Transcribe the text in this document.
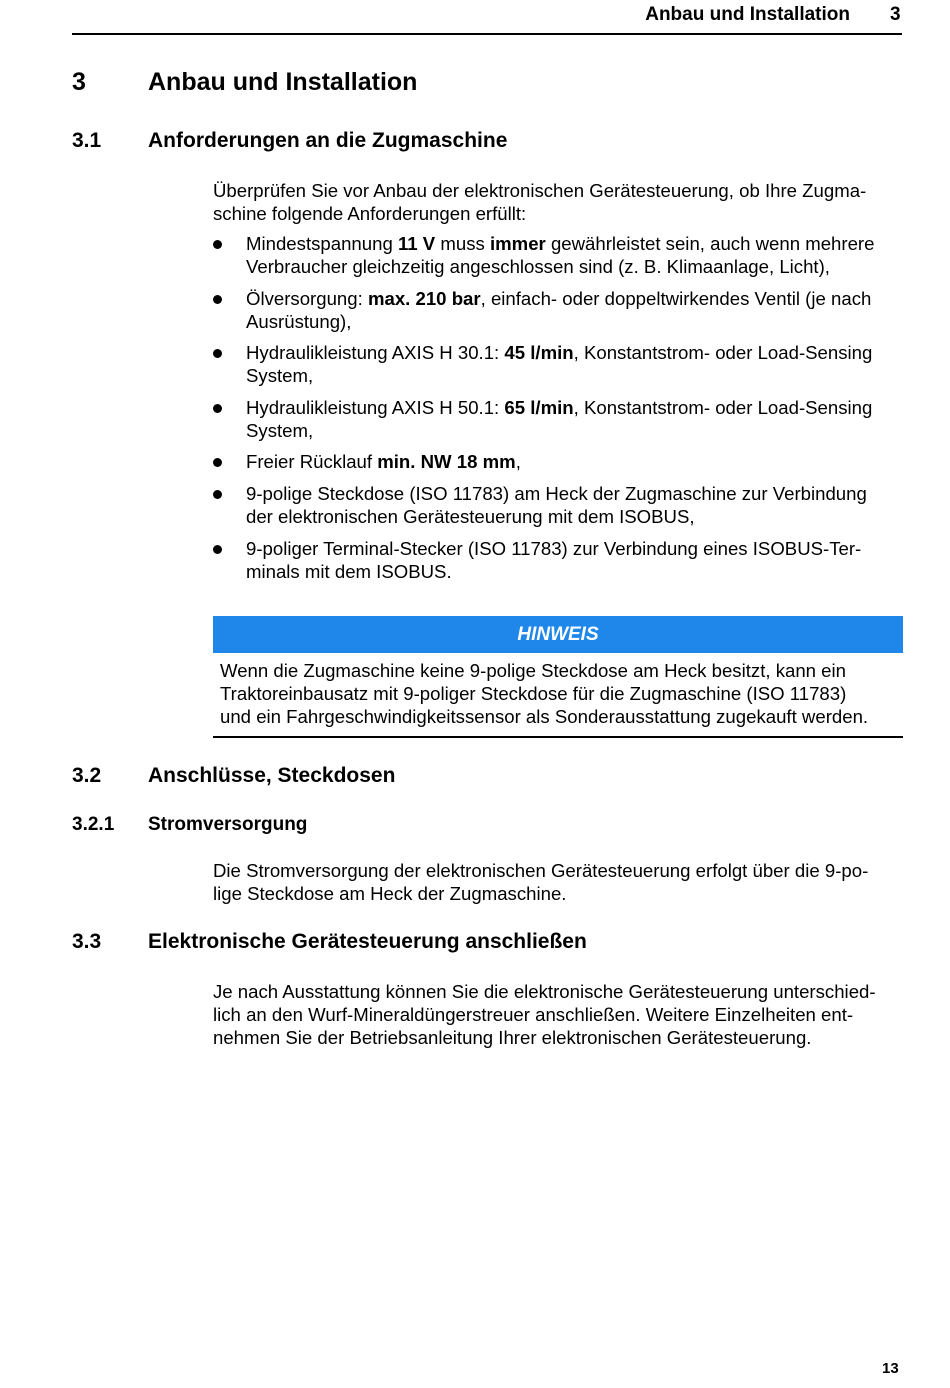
Anbau und Installation 3
3 Anbau und Installation
3.1 Anforderungen an die Zugmaschine
Überprüfen Sie vor Anbau der elektronischen Gerätesteuerung, ob Ihre Zugma-
schine folgende Anforderungen erfüllt:
Mindestspannung 11 V muss immer gewährleistet sein, auch wenn mehrere
Verbraucher gleichzeitig angeschlossen sind (z. B. Klimaanlage, Licht),
Ölversorgung: max. 210 bar, einfach- oder doppeltwirkendes Ventil (je nach
Ausrüstung),
Hydraulikleistung AXIS H 30.1: 45 l/min, Konstantstrom- oder Load-Sensing
System,
Hydraulikleistung AXIS H 50.1: 65 l/min, Konstantstrom- oder Load-Sensing
System,
Freier Rücklauf min. NW 18 mm,
9-polige Steckdose (ISO 11783) am Heck der Zugmaschine zur Verbindung
der elektronischen Gerätesteuerung mit dem ISOBUS,
9-poliger Terminal-Stecker (ISO 11783) zur Verbindung eines ISOBUS-Ter-
minals mit dem ISOBUS.
HINWEIS
Wenn die Zugmaschine keine 9-polige Steckdose am Heck besitzt, kann ein
Traktoreinbausatz mit 9-poliger Steckdose für die Zugmaschine (ISO 11783)
und ein Fahrgeschwindigkeitssensor als Sonderausstattung zugekauft werden.
3.2 Anschlüsse, Steckdosen
3.2.1 Stromversorgung
Die Stromversorgung der elektronischen Gerätesteuerung erfolgt über die 9-po-
lige Steckdose am Heck der Zugmaschine.
3.3 Elektronische Gerätesteuerung anschließen
Je nach Ausstattung können Sie die elektronische Gerätesteuerung unterschied-
lich an den Wurf-Mineraldüngerstreuer anschließen. Weitere Einzelheiten ent-
nehmen Sie der Betriebsanleitung Ihrer elektronischen Gerätesteuerung.
13
